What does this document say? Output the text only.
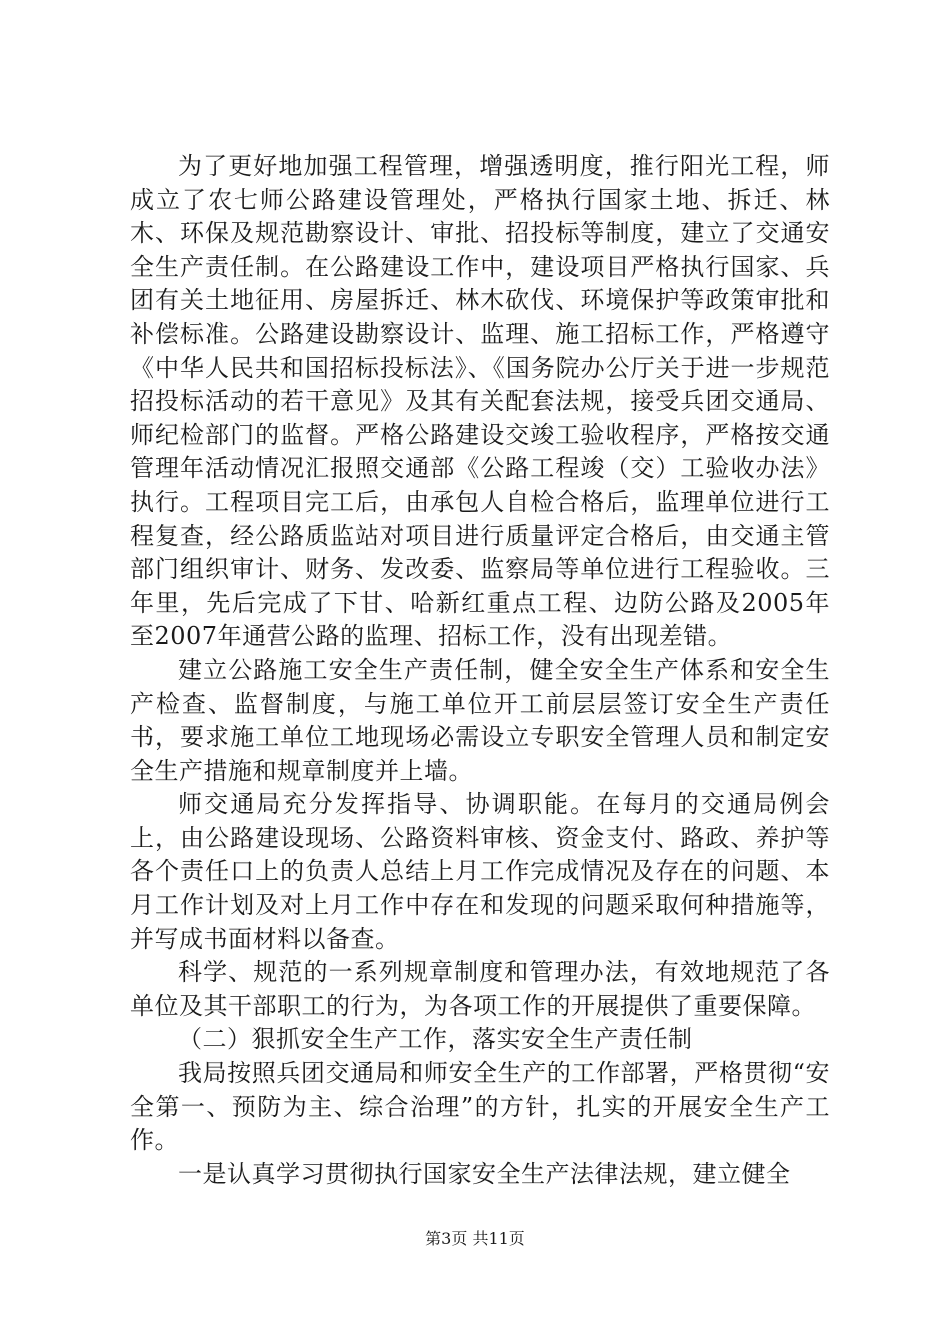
为了更好地加强工程管理，增强透明度，推行阳光工程，师成立了农七师公路建设管理处，严格执行国家土地、拆迁、林木、环保及规范勘察设计、审批、招投标等制度，建立了交通安全生产责任制。在公路建设工作中，建设项目严格执行国家、兵团有关土地征用、房屋拆迁、林木砍伐、环境保护等政策审批和补偿标准。公路建设勘察设计、监理、施工招标工作，严格遵守《中华人民共和国招标投标法》、《国务院办公厅关于进一步规范招投标活动的若干意见》及其有关配套法规，接受兵团交通局、师纪检部门的监督。严格公路建设交竣工验收程序，严格按交通管理年活动情况汇报照交通部《公路工程竣（交）工验收办法》执行。工程项目完工后，由承包人自检合格后，监理单位进行工程复查，经公路质监站对项目进行质量评定合格后，由交通主管部门组织审计、财务、发改委、监察局等单位进行工程验收。三年里，先后完成了下甘、哈新红重点工程、边防公路及2005年至2007年通营公路的监理、招标工作，没有出现差错。

建立公路施工安全生产责任制，健全安全生产体系和安全生产检查、监督制度，与施工单位开工前层层签订安全生产责任书，要求施工单位工地现场必需设立专职安全管理人员和制定安全生产措施和规章制度并上墙。

师交通局充分发挥指导、协调职能。在每月的交通局例会上，由公路建设现场、公路资料审核、资金支付、路政、养护等各个责任口上的负责人总结上月工作完成情况及存在的问题、本月工作计划及对上月工作中存在和发现的问题采取何种措施等，并写成书面材料以备查。

科学、规范的一系列规章制度和管理办法，有效地规范了各单位及其干部职工的行为，为各项工作的开展提供了重要保障。

（二）狠抓安全生产工作，落实安全生产责任制

我局按照兵团交通局和师安全生产的工作部署，严格贯彻“安全第一、预防为主、综合治理”的方针，扎实的开展安全生产工作。

一是认真学习贯彻执行国家安全生产法律法规，建立健全

第3页 共11页
